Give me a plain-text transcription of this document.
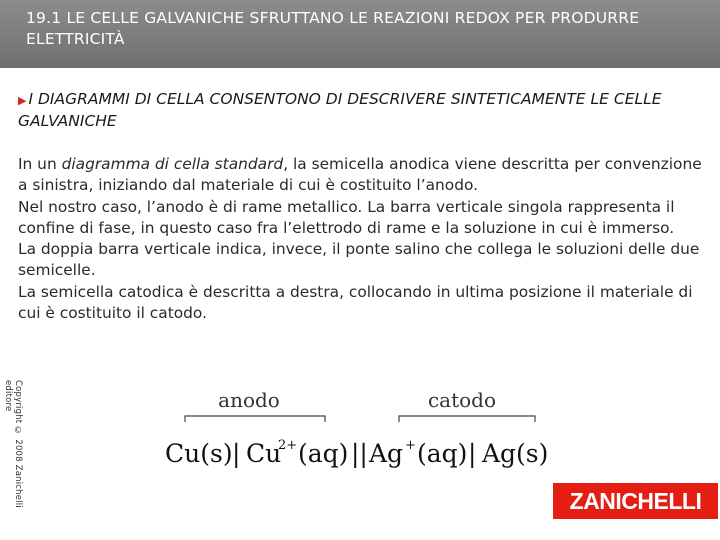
19.1 LE CELLE GALVANICHE SFRUTTANO LE REAZIONI REDOX PER PRODURRE ELETTRICITÀ
▶ I DIAGRAMMI DI CELLA CONSENTONO DI DESCRIVERE SINTETICAMENTE LE CELLE GALVANICHE

In un diagramma di cella standard, la semicella anodica viene descritta per convenzione a sinistra, iniziando dal materiale di cui è costituito l’anodo.

Nel nostro caso, l’anodo è di rame metallico. La barra verticale singola rappresenta il confine di fase, in questo caso fra l’elettrodo di rame e la soluzione in cui è immerso.

La doppia barra verticale indica, invece, il ponte salino che collega le soluzioni delle due semicelle.

La semicella catodica è descritta a destra, collocando in ultima posizione il materiale di cui è costituito il catodo.

Copyright © 2008 Zanichelli editore	anodo	catodo
Cu(s) | Cu
2+ (aq) || Ag + (aq) | Ag(s)
ZANICHELLI
